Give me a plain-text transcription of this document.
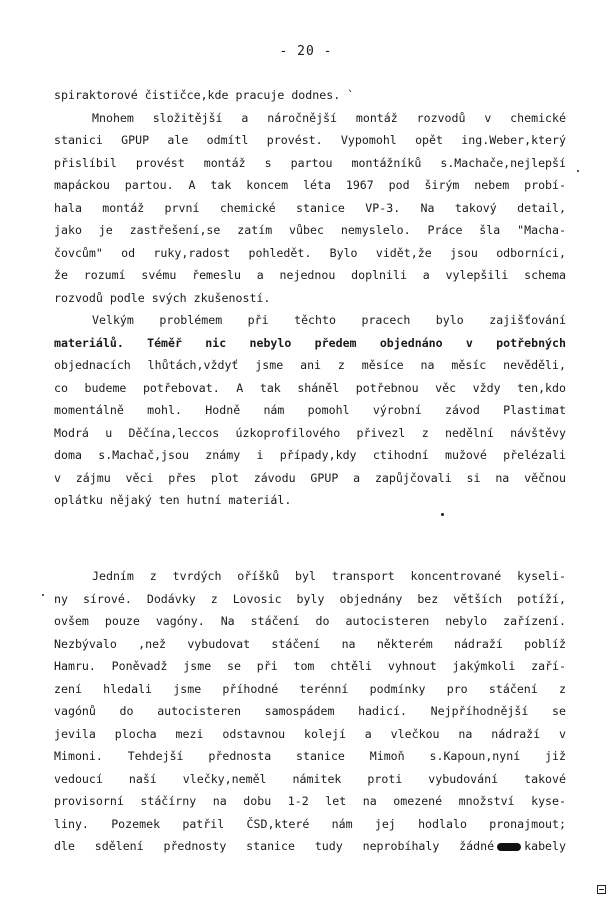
- 20 -
spiraktorové čističce,kde pracuje dodnes. `
Mnohem složitější a náročnější montáž rozvodů v chemické
stanici GPUP ale odmítl provést. Vypomohl opět ing.Weber,který
přislíbil provést montáž s partou montážníků s.Machače,nejlepší
mapáckou partou. A tak koncem léta 1967 pod širým nebem probí-
hala montáž první chemické stanice VP-3. Na takový detail,
jako je zastřešení,se zatím vůbec nemyslelo. Práce šla "Macha-
čovcům" od ruky,radost pohledět. Bylo vidět,že jsou odborníci,
že rozumí svému řemeslu a nejednou doplnili a vylepšili schema
rozvodů podle svých zkušeností.
Velkým problémem při těchto pracech bylo zajišťování
materiálů. Téměř nic nebylo předem objednáno v potřebných
objednacích lhůtách,vždyť jsme ani z měsíce na měsíc nevěděli,
co budeme potřebovat. A tak sháněl potřebnou věc vždy ten,kdo
momentálně mohl. Hodně nám pomohl výrobní závod Plastimat
Modrá u Děčína,leccos úzkoprofilového přivezl z nedělní návštěvy
doma s.Machač,jsou známy i případy,kdy ctihodní mužové přelézali
v zájmu věci přes plot závodu GPUP a zapůjčovali si na věčnou
oplátku nějaký ten hutní materiál.
Jedním z tvrdých oříšků byl transport koncentrované kyseli-
ny sírové. Dodávky z Lovosic byly objednány bez větších potíží,
ovšem pouze vagóny. Na stáčení do autocisteren nebylo zařízení.
Nezbývalo ,než vybudovat stáčení na některém nádraží poblíž
Hamru. Poněvadž jsme se při tom chtěli vyhnout jakýmkoli zaří-
zení hledali jsme příhodné terénní podmínky pro stáčení z
vagónů do autocisteren samospádem hadicí. Nejpříhodnější se
jevila plocha mezi odstavnou kolejí a vlečkou na nádraží v
Mimoni. Tehdejší přednosta stanice Mimoň s.Kapoun,nyní již
vedoucí naší vlečky,neměl námitek proti vybudování takové
provisorní stáčírny na dobu 1-2 let na omezené množství kyse-
liny. Pozemek patřil ČSD,které nám jej hodlalo pronajmout;
dle sdělení přednosty stanice tudy neprobíhaly žádné	kabely
